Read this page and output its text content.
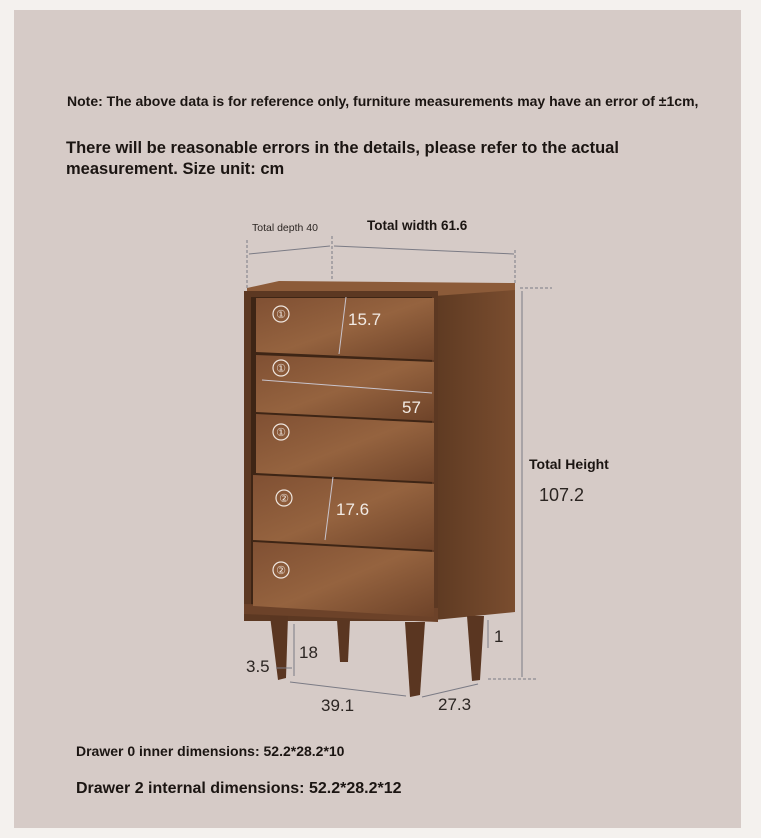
Note: The above data is for reference only, furniture measurements may have an error of ±1cm,
There will be reasonable errors in the details, please refer to the actual measurement. Size unit: cm
①
①
①
②
②
Total depth 40	Total width 61.6
Total Height
107.2
15.7
57
17.6
18
3.5
1
39.1	27.3
Drawer 0 inner dimensions: 52.2*28.2*10
Drawer 2 internal dimensions: 52.2*28.2*12
